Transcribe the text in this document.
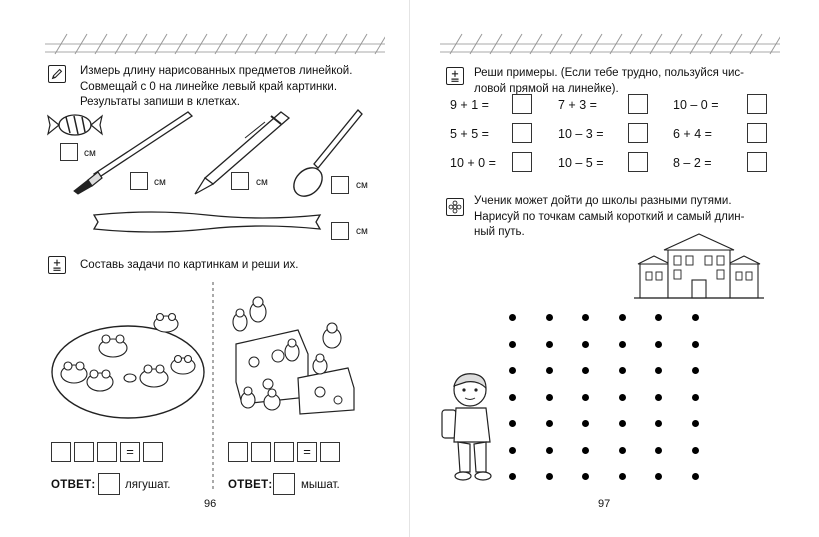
Измерь длину нарисованных предметов линейкой.
Совмещай с 0 на линейке левый край картинки.
Результаты запиши в клетках.
см
см	см	см
см
Составь задачи по картинкам и реши их.
=
ОТВЕТ:	лягушат.
=
ОТВЕТ: мышат.
96
Реши примеры. (Если тебе трудно, пользуйся чис-
ловой прямой на линейке).
9 + 1 =	7 + 3 =	10 – 0 =
5 + 5 =	10 – 3 =	6 + 4 =
10 + 0 =	10 – 5 =	8 – 2 =
Ученик может дойти до школы разными путями.
Нарисуй по точкам самый короткий и самый длин-
ный путь.
97
